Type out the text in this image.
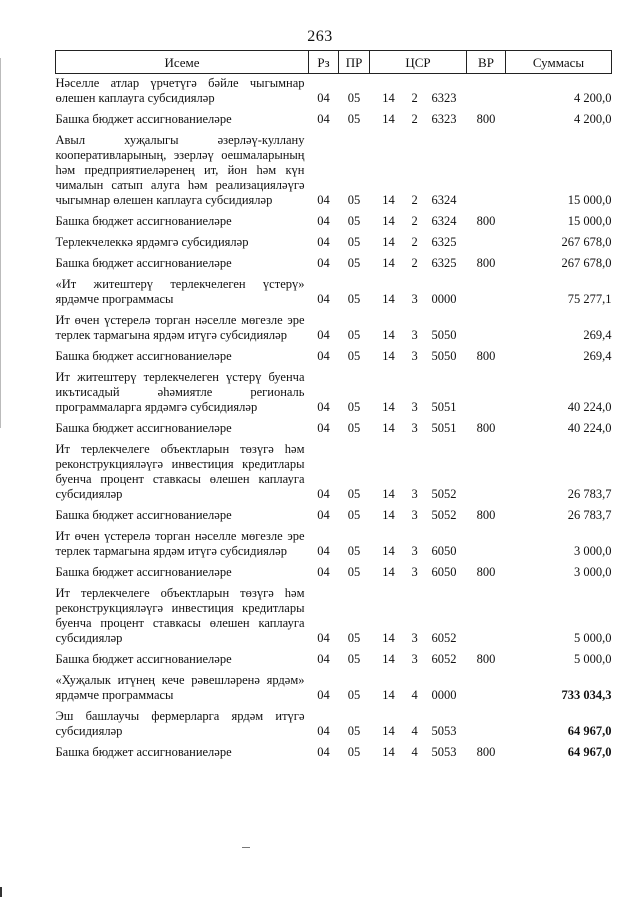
263
Исеме	Рз	ПР	ЦСР			ВР	Суммасы
Нәселле атлар үрчетүгә бәйле чыгымнар өлешен каплауга субсидияләр	04	05	14	2	6323		4 200,0
Башка бюджет ассигнованиеләре	04	05	14	2	6323	800	4 200,0
Авыл хуҗалыгы әзерләү-куллану кооперативларының, эзерләү оешмаларының һәм предприятиеләренең ит, йон һәм күн чималын сатып алуга һәм реализацияләүгә чыгымнар өлешен каплауга субсидияләр	04	05	14	2	6324		15 000,0
Башка бюджет ассигнованиеләре	04	05	14	2	6324	800	15 000,0
Терлекчелеккә ярдәмгә субсидияләр	04	05	14	2	6325		267 678,0
Башка бюджет ассигнованиеләре	04	05	14	2	6325	800	267 678,0
«Ит житештерү терлекчелеген үстерү» ярдәмче программасы	04	05	14	3	0000		75 277,1
Ит өчен үстерелә торган нәселле мөгезле эре терлек тармагына ярдәм итүгә субсидияләр	04	05	14	3	5050		269,4
Башка бюджет ассигнованиеләре	04	05	14	3	5050	800	269,4
Ит житештерү терлекчелеген үстерү буенча икътисадый әһәмиятле региональ программаларга ярдәмгә субсидияләр	04	05	14	3	5051		40 224,0
Башка бюджет ассигнованиеләре	04	05	14	3	5051	800	40 224,0
Ит терлекчелеге объектларын төзүгә һәм реконструкцияләүгә инвестиция кредитлары буенча процент ставкасы өлешен каплауга субсидияләр	04	05	14	3	5052		26 783,7
Башка бюджет ассигнованиеләре	04	05	14	3	5052	800	26 783,7
Ит өчен үстерелә торган нәселле мөгезле эре терлек тармагына ярдәм итүгә субсидияләр	04	05	14	3	6050		3 000,0
Башка бюджет ассигнованиеләре	04	05	14	3	6050	800	3 000,0
Ит терлекчелеге объектларын төзүгә һәм реконструкцияләүгә инвестиция кредитлары буенча процент ставкасы өлешен каплауга субсидияләр	04	05	14	3	6052		5 000,0
Башка бюджет ассигнованиеләре	04	05	14	3	6052	800	5 000,0
«Хуҗалык итүнең кече рәвешләренә ярдәм» ярдәмче программасы	04	05	14	4	0000		733 034,3
Эш башлаучы фермерларга ярдәм итүгә субсидияләр	04	05	14	4	5053		64 967,0
Башка бюджет ассигнованиеләре	04	05	14	4	5053	800	64 967,0
